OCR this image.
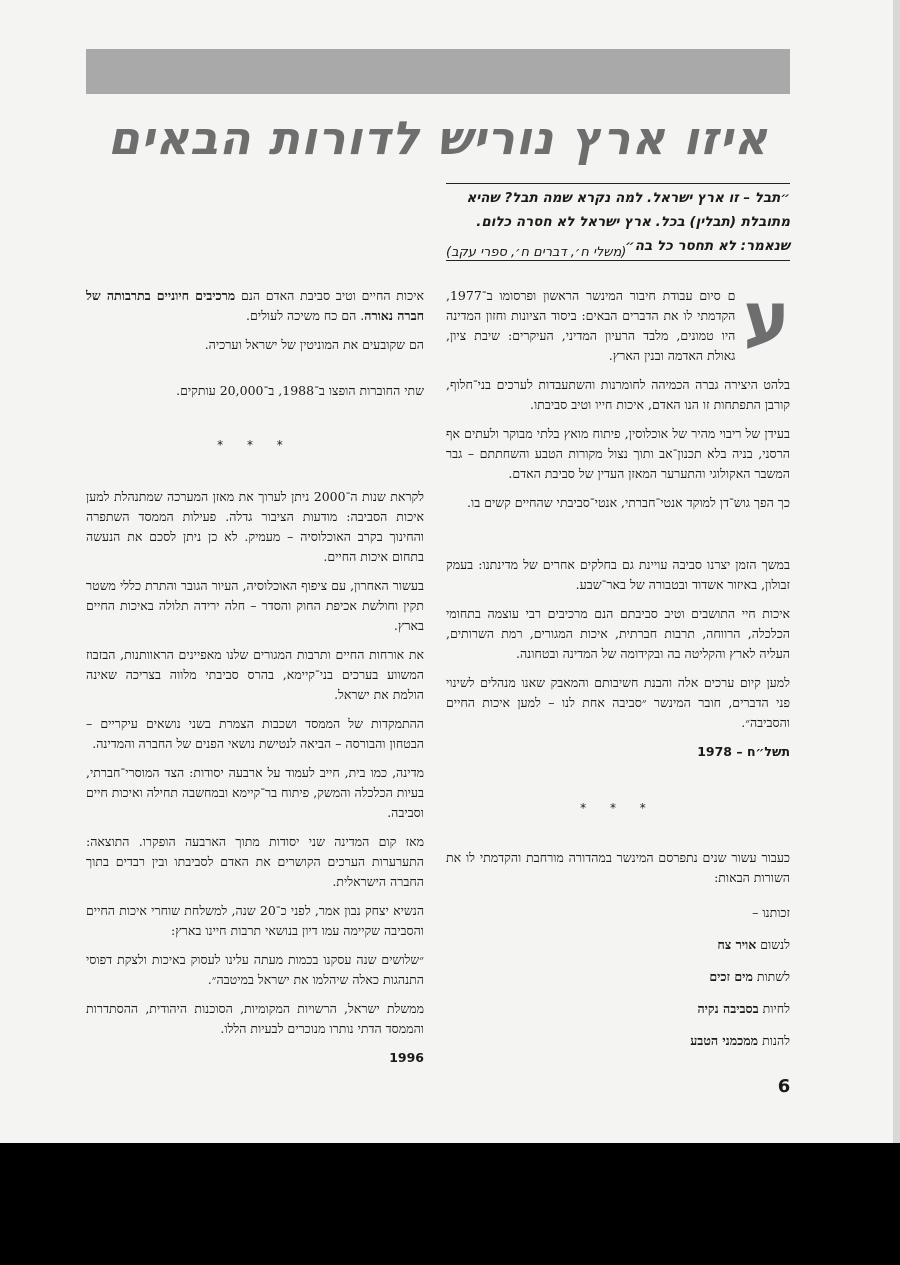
איזו ארץ נוריש לדורות הבאים

״תבל – זו ארץ ישראל. למה נקרא שמה תבל? שהיא מתובלת (תבלין) בכל. ארץ ישראל לא חסרה כלום. שנאמר: לא תחסר כל בה״

(משלי ח׳, דברים ח׳, ספרי עקב)

ע
ם סיום עבודת חיבור המינשר הראשון ופרסומו ב־1977, הקדמתי לו את הדברים הבאים: ביסוד הציונות וחזון המדינה היו טמונים, מלבד הרעיון המדיני, העיקרים: שיבת ציון, גאולת האדמה ובנין הארץ.

בלהט היצירה גברה הכמיהה לחומרנות והשתעבדות לערכים בני־חלוף, קורבן התפתחות זו הנו האדם, איכות חייו וטיב סביבתו.

בעידן של ריבוי מהיר של אוכלוסין, פיתוח מואץ בלתי מבוקר ולעתים אף הרסני, בניה בלא תכנון־אב ותוך נצול מקורות הטבע והשחתתם – גבר המשבר האקולוגי והתערער המאזן העדין של סביבת האדם.

כך הפך גוש־דן למוקד אנטי־חברתי, אנטי־סביבתי שהחיים קשים בו.

במשך הזמן יצרנו סביבה עויינת גם בחלקים אחרים של מדינתנו: בעמק זבולון, באיזור אשדוד ובטבורה של באר־שבע.

איכות חיי התושבים וטיב סביבתם הנם מרכיבים רבי עוצמה בתחומי הכלכלה, הרווחה, תרבות חברתית, איכות המגורים, רמת השרותים, העליה לארץ והקליטה בה ובקידומה של המדינה ובטחונה.

למען קיום ערכים אלה והבנת חשיבותם והמאבק שאנו מנהלים לשינוי פני הדברים, חובר המינשר ״סביבה אחת לנו – למען איכות החיים והסביבה״.

תשל״ח – 1978

* * *

כעבור עשור שנים נתפרסם המינשר במהדורה מורחבת והקדמתי לו את השורות הבאות:

זכותנו –

לנשום אויר צח

לשתות מים זכים

לחיות בסביבה נקיה

להנות ממכמני הטבע

איכות החיים וטיב סביבת האדם הנם מרכיבים חיוניים בתרבותה של חברה נאורה. הם כח משיכה לעולים.

הם שקובעים את המוניטין של ישראל וערכיה.

שתי החוברות הופצו ב־1988, ב־20,000 עותקים.

* * *

לקראת שנות ה־2000 ניתן לערוך את מאזן המערכה שמתנהלת למען איכות הסביבה: מודעות הציבור גדלה. פעילות הממסד השתפרה והחינוך בקרב האוכלוסיה – מעמיק. לא כן ניתן לסכם את הנעשה בתחום איכות החיים.

בעשור האחרון, עם ציפוף האוכלוסיה, העיור הגובר והתרת כללי משטר תקין וחולשת אכיפת החוק והסדר – חלה ירידה תלולה באיכות החיים בארץ.

את אורחות החיים ותרבות המגורים שלנו מאפיינים הראוותנות, הבזבוז המשווע בערכים בני־קיימא, בהרס סביבתי מלווה בצריכה שאינה הולמת את ישראל.

ההתמקדות של הממסד ושכבות הצמרת בשני נושאים עיקריים – הבטחון והבורסה – הביאה לנטישת נושאי הפנים של החברה והמדינה.

מדינה, כמו בית, חייב לעמוד על ארבעה יסודות: הצד המוסרי־חברתי, בעיות הכלכלה והמשק, פיתוח בר־קיימא ובמחשבה תחילה ואיכות חיים וסביבה.

מאז קום המדינה שני יסודות מתוך הארבעה הופקרו. התוצאה: התערערות הערכים הקושרים את האדם לסביבתו ובין רבדים בתוך החברה הישראלית.

הנשיא יצחק נבון אמר, לפני כ־20 שנה, למשלחת שוחרי איכות החיים והסביבה שקיימה עמו דיון בנושאי תרבות חיינו בארץ:

״שלושים שנה עסקנו בכמות מעתה עלינו לעסוק באיכות ולצקת דפוסי התנהגות כאלה שיהלמו את ישראל במיטבה״.

ממשלת ישראל, הרשויות המקומיות, הסוכנות היהודית, ההסתדרות והממסד הדתי נותרו מנוכרים לבעיות הללו.

1996

6
